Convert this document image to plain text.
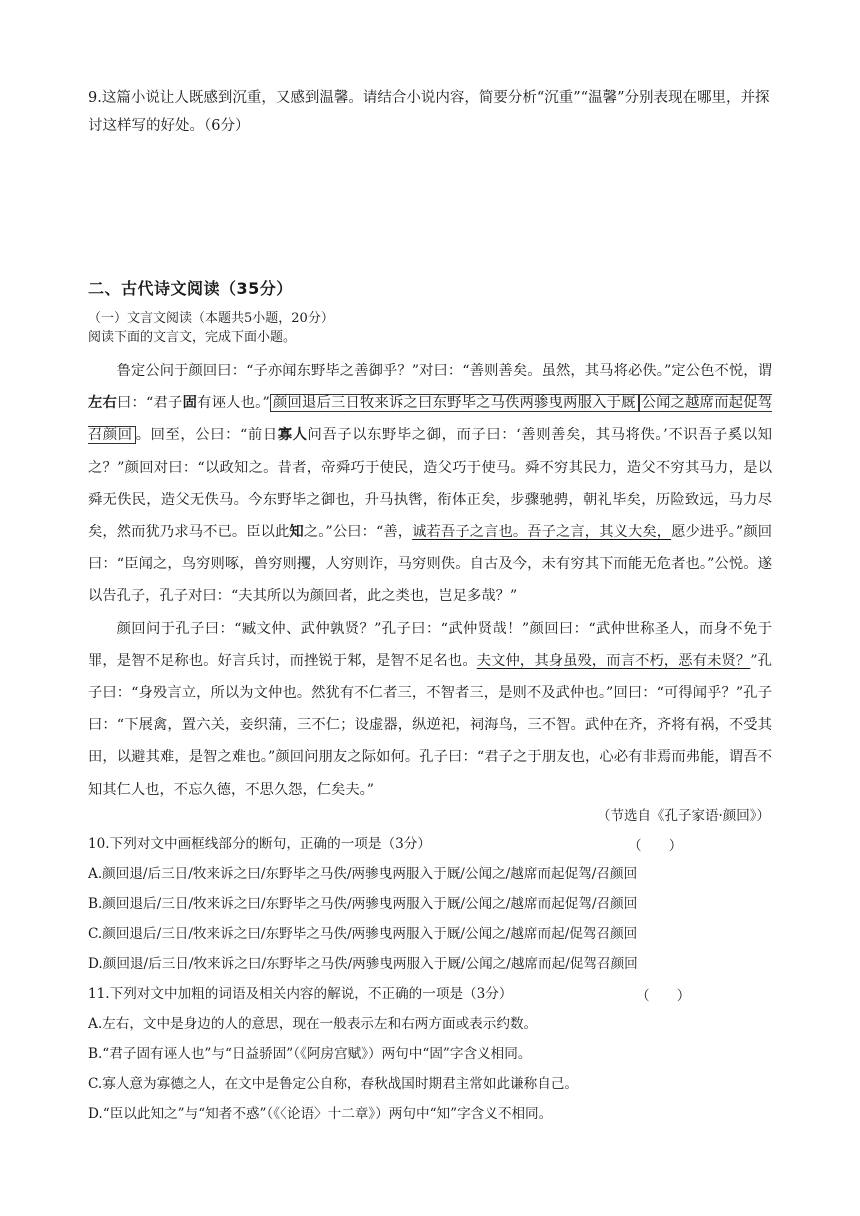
9.这篇小说让人既感到沉重，又感到温馨。请结合小说内容，简要分析“沉重”“温馨”分别表现在哪里，并探讨这样写的好处。（6分）
二、古代诗文阅读（35分）
（一）文言文阅读（本题共5小题，20分）
阅读下面的文言文，完成下面小题。

鲁定公问于颜回曰：“子亦闻东野毕之善御乎？”对曰：“善则善矣。虽然，其马将必佚。”定公色不悦，谓左右曰：“君子固有诬人也。” 颜回退后三日牧来诉之曰东野毕之马佚两骖曳两服入于厩 公闻之越席而起促驾召颜回 。回至，公曰：“前日寡人问吾子以东野毕之御，而子曰：‘善则善矣，其马将佚。’不识吾子奚以知之？”颜回对曰：“以政知之。昔者，帝舜巧于使民，造父巧于使马。舜不穷其民力，造父不穷其马力，是以舜无佚民，造父无佚马。今东野毕之御也，升马执辔，衔体正矣，步骤驰骋，朝礼毕矣，历险致远，马力尽矣，然而犹乃求马不已。臣以此知之。”公曰：“善，诚若吾子之言也。吾子之言，其义大矣，愿少进乎。”颜回曰：“臣闻之，鸟穷则啄，兽穷则攫，人穷则诈，马穷则佚。自古及今，未有穷其下而能无危者也。”公悦。遂以告孔子，孔子对曰：“夫其所以为颜回者，此之类也，岂足多哉？”

颜回问于孔子曰：“臧文仲、武仲孰贤？”孔子曰：“武仲贤哉！”颜回曰：“武仲世称圣人，而身不免于罪，是智不足称也。好言兵讨，而挫锐于邾，是智不足名也。夫文仲，其身虽殁，而言不朽，恶有未贤？”孔子曰：“身殁言立，所以为文仲也。然犹有不仁者三，不智者三，是则不及武仲也。”回曰：“可得闻乎？”孔子曰：“下展禽，置六关，妾织蒲，三不仁；设虚器，纵逆祀，祠海鸟，三不智。武仲在齐，齐将有祸，不受其田，以避其难，是智之难也。”颜回问朋友之际如何。孔子曰：“君子之于朋友也，心必有非焉而弗能，谓吾不知其仁人也，不忘久德，不思久怨，仁矣夫。”

（节选自《孔子家语·颜回》）
10.下列对文中画框线部分的断句，正确的一项是（3分）	（　　）
A.颜回退/后三日/牧来诉之曰/东野毕之马佚/两骖曳两服入于厩/公闻之/越席而起促驾/召颜回
B.颜回退后/三日/牧来诉之曰/东野毕之马佚/两骖曳两服入于厩/公闻之/越席而起促驾/召颜回
C.颜回退后/三日/牧来诉之曰/东野毕之马佚/两骖曳两服入于厩/公闻之/越席而起/促驾召颜回
D.颜回退/后三日/牧来诉之曰/东野毕之马佚/两骖曳两服入于厩/公闻之/越席而起/促驾召颜回
11.下列对文中加粗的词语及相关内容的解说，不正确的一项是（3分）	（　　）
A.左右，文中是身边的人的意思，现在一般表示左和右两方面或表示约数。
B.“君子固有诬人也”与“日益骄固”（《阿房宫赋》）两句中“固”字含义相同。
C.寡人意为寡德之人，在文中是鲁定公自称，春秋战国时期君主常如此谦称自己。
D.“臣以此知之”与“知者不惑”（《〈论语〉十二章》）两句中“知”字含义不相同。
